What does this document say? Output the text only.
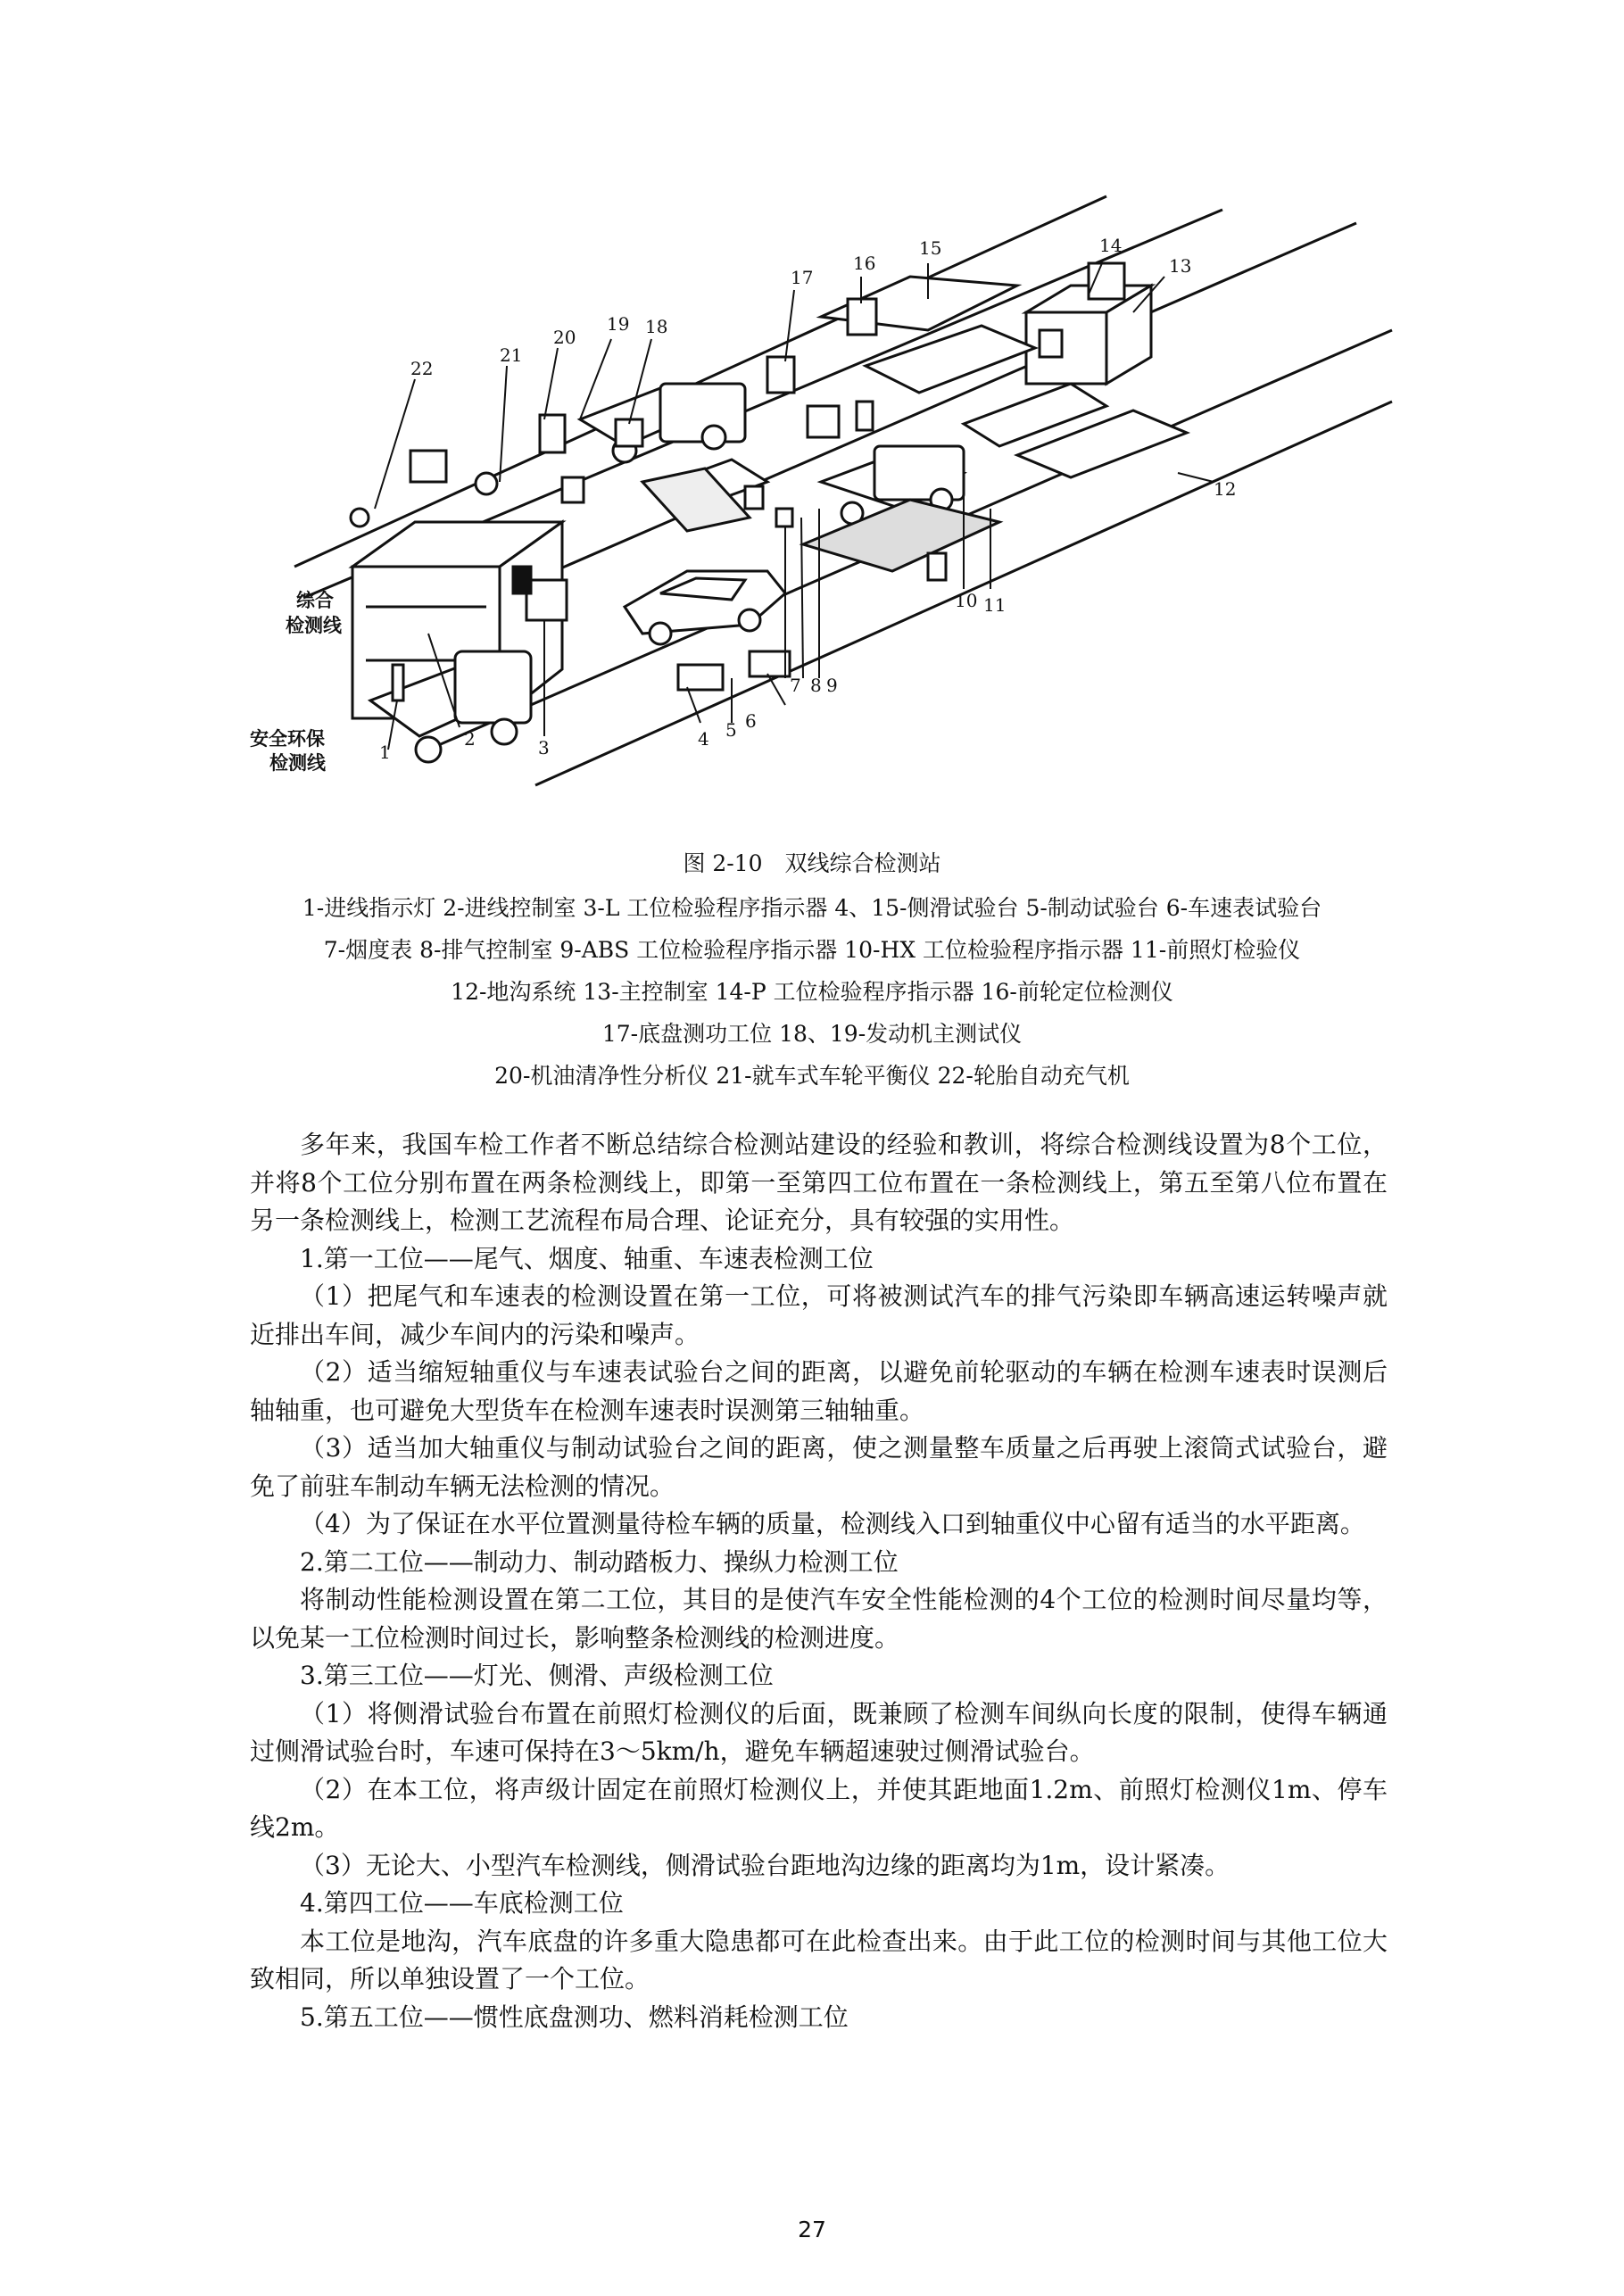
1
2	3	4 5 6
7 8 9
10 11
12
13
14
15
16
17
18
19
20
21
22
综合
检测线
安全环保
检测线
图 2-10　双线综合检测站
1-进线指示灯 2-进线控制室 3-L 工位检验程序指示器 4、15-侧滑试验台 5-制动试验台 6-车速表试验台
7-烟度表 8-排气控制室 9-ABS 工位检验程序指示器 10-HX 工位检验程序指示器 11-前照灯检验仪
12-地沟系统 13-主控制室 14-P 工位检验程序指示器 16-前轮定位检测仪
17-底盘测功工位 18、19-发动机主测试仪
20-机油清净性分析仪 21-就车式车轮平衡仪 22-轮胎自动充气机

多年来，我国车检工作者不断总结综合检测站建设的经验和教训，将综合检测线设置为8个工位，并将8个工位分别布置在两条检测线上，即第一至第四工位布置在一条检测线上，第五至第八位布置在另一条检测线上，检测工艺流程布局合理、论证充分，具有较强的实用性。

1.第一工位——尾气、烟度、轴重、车速表检测工位

（1）把尾气和车速表的检测设置在第一工位，可将被测试汽车的排气污染即车辆高速运转噪声就近排出车间，减少车间内的污染和噪声。

（2）适当缩短轴重仪与车速表试验台之间的距离，以避免前轮驱动的车辆在检测车速表时误测后轴轴重，也可避免大型货车在检测车速表时误测第三轴轴重。

（3）适当加大轴重仪与制动试验台之间的距离，使之测量整车质量之后再驶上滚筒式试验台，避免了前驻车制动车辆无法检测的情况。

（4）为了保证在水平位置测量待检车辆的质量，检测线入口到轴重仪中心留有适当的水平距离。

2.第二工位——制动力、制动踏板力、操纵力检测工位

将制动性能检测设置在第二工位，其目的是使汽车安全性能检测的4个工位的检测时间尽量均等，以免某一工位检测时间过长，影响整条检测线的检测进度。

3.第三工位——灯光、侧滑、声级检测工位

（1）将侧滑试验台布置在前照灯检测仪的后面，既兼顾了检测车间纵向长度的限制，使得车辆通过侧滑试验台时，车速可保持在3～5km/h，避免车辆超速驶过侧滑试验台。

（2）在本工位，将声级计固定在前照灯检测仪上，并使其距地面1.2m、前照灯检测仪1m、停车线2m。

（3）无论大、小型汽车检测线，侧滑试验台距地沟边缘的距离均为1m，设计紧凑。

4.第四工位——车底检测工位

本工位是地沟，汽车底盘的许多重大隐患都可在此检查出来。由于此工位的检测时间与其他工位大致相同，所以单独设置了一个工位。

5.第五工位——惯性底盘测功、燃料消耗检测工位

27
